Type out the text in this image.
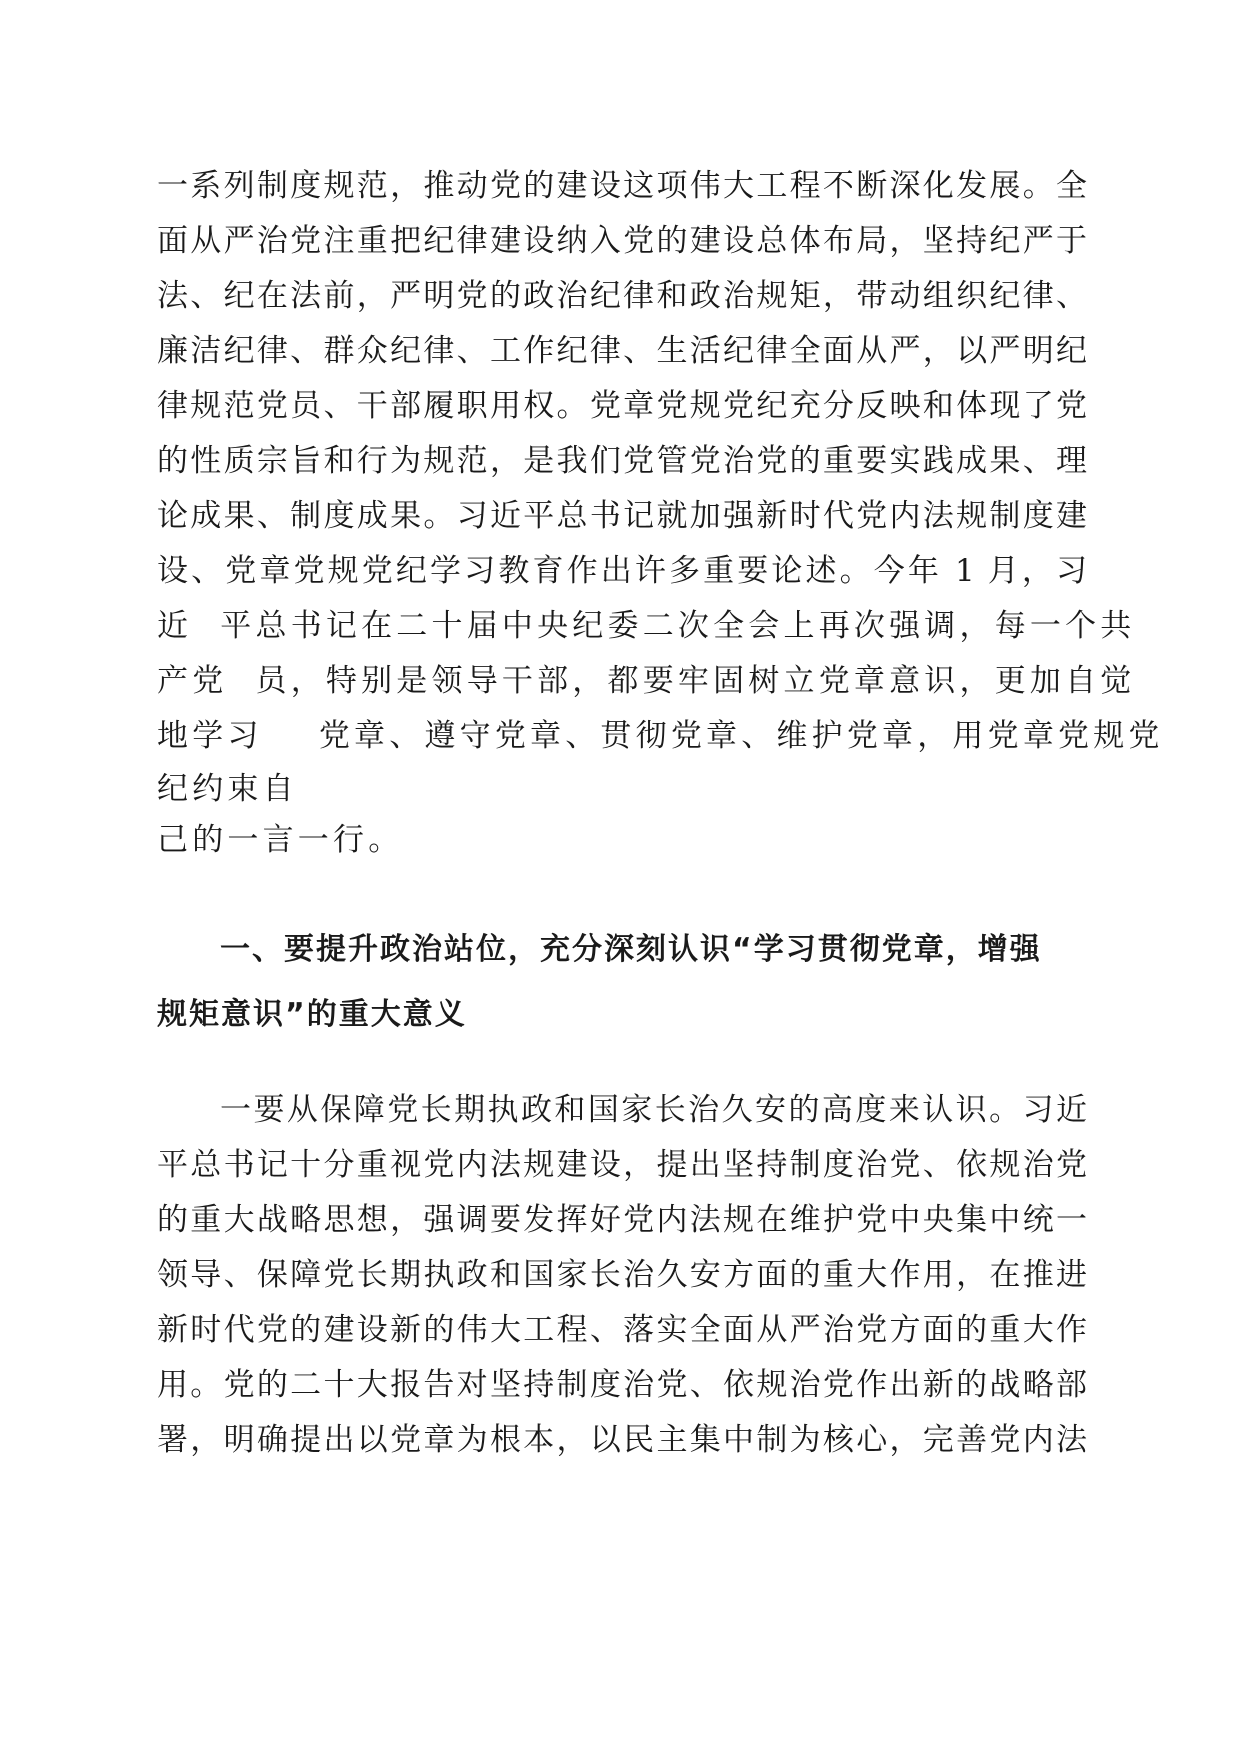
一系列制度规范，推动党的建设这项伟大工程不断深化发展。全
面从严治党注重把纪律建设纳入党的建设总体布局，坚持纪严于
法、纪在法前，严明党的政治纪律和政治规矩，带动组织纪律、
廉洁纪律、群众纪律、工作纪律、生活纪律全面从严，以严明纪
律规范党员、干部履职用权。党章党规党纪充分反映和体现了党
的性质宗旨和行为规范，是我们党管党治党的重要实践成果、理
论成果、制度成果。习近平总书记就加强新时代党内法规制度建
设、党章党规党纪学习教育作出许多重要论述。今年 1 月，习
近  平总书记在二十届中央纪委二次全会上再次强调，每一个共
产党  员，特别是领导干部，都要牢固树立党章意识，更加自觉
地学习    党章、遵守党章、贯彻党章、维护党章，用党章党规党
纪约束自
己的一言一行。
一、要提升政治站位，充分深刻认识“学习贯彻党章，增强
规矩意识”的重大意义
一要从保障党长期执政和国家长治久安的高度来认识。习近
平总书记十分重视党内法规建设，提出坚持制度治党、依规治党
的重大战略思想，强调要发挥好党内法规在维护党中央集中统一
领导、保障党长期执政和国家长治久安方面的重大作用，在推进
新时代党的建设新的伟大工程、落实全面从严治党方面的重大作
用。党的二十大报告对坚持制度治党、依规治党作出新的战略部
署，明确提出以党章为根本，以民主集中制为核心，完善党内法
